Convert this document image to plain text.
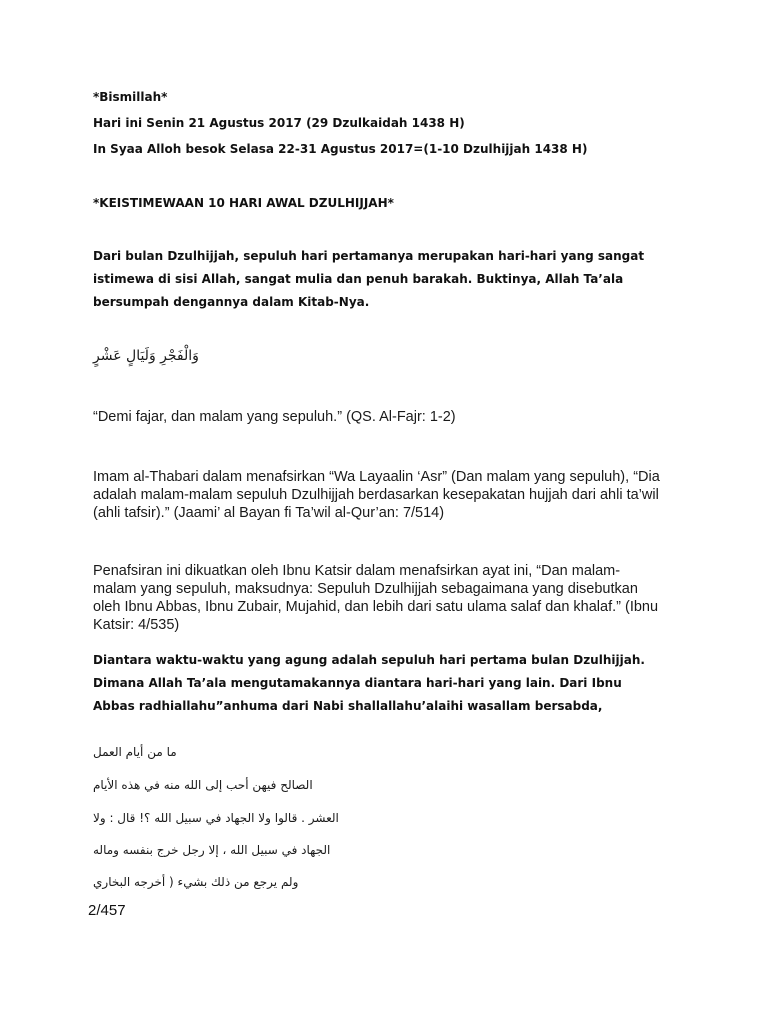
*Bismillah*

Hari ini Senin 21 Agustus 2017 (29 Dzulkaidah 1438 H)

In Syaa Alloh besok Selasa 22-31 Agustus 2017=(1-10 Dzulhijjah 1438 H)

*KEISTIMEWAAN 10 HARI AWAL DZULHIJJAH*

Dari bulan Dzulhijjah, sepuluh hari pertamanya merupakan hari-hari yang sangat istimewa di sisi Allah, sangat mulia dan penuh barakah. Buktinya, Allah Ta’ala bersumpah dengannya dalam Kitab-Nya.

وَالْفَجْرِ وَلَيَالٍ عَشْرٍ

“Demi fajar, dan malam yang sepuluh.” (QS. Al-Fajr: 1-2)

Imam al-Thabari dalam menafsirkan “Wa Layaalin ‘Asr” (Dan malam yang sepuluh), “Dia adalah malam-malam sepuluh Dzulhijjah berdasarkan kesepakatan hujjah dari ahli ta’wil (ahli tafsir).” (Jaami’ al Bayan fi Ta’wil al-Qur’an: 7/514)

Penafsiran ini dikuatkan oleh Ibnu Katsir dalam menafsirkan ayat ini, “Dan malam-malam yang sepuluh, maksudnya: Sepuluh Dzulhijjah sebagaimana yang disebutkan oleh Ibnu Abbas, Ibnu Zubair, Mujahid, dan lebih dari satu ulama salaf dan khalaf.” (Ibnu Katsir: 4/535)

Diantara waktu-waktu yang agung adalah sepuluh hari pertama bulan Dzulhijjah. Dimana Allah Ta’ala mengutamakannya diantara hari-hari yang lain. Dari Ibnu Abbas radhiallahu”anhuma dari Nabi shallallahu’alaihi wasallam bersabda,

ما من أيام العمل

الصالح فيهن أحب إلى الله منه في هذه الأيام

العشر . قالوا ولا الجهاد في سبيل الله ؟! قال : ولا

الجهاد في سبيل الله ، إلا رجل خرج بنفسه وماله

ولم يرجع من ذلك بشيء ( أخرجه البخاري

2/457
